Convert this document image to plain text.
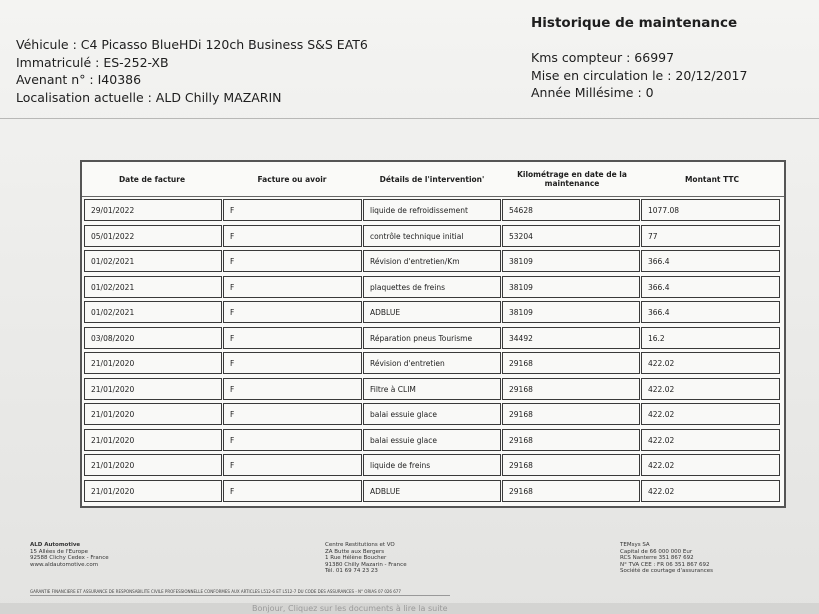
Historique de maintenance
Véhicule : C4 Picasso BlueHDi 120ch Business S&S EAT6
Immatriculé : ES-252-XB
Avenant n° : I40386
Localisation actuelle : ALD Chilly MAZARIN
Kms compteur : 66997
Mise en circulation le : 20/12/2017
Année Millésime : 0
Date de facture	Facture ou avoir	Détails de l'intervention'	Kilométrage en date de la maintenance	Montant TTC
29/01/2022	F	liquide de refroidissement	54628	1077.08
05/01/2022	F	contrôle technique initial	53204	77
01/02/2021	F	Révision d'entretien/Km	38109	366.4
01/02/2021	F	plaquettes de freins	38109	366.4
01/02/2021	F	ADBLUE	38109	366.4
03/08/2020	F	Réparation pneus Tourisme	34492	16.2
21/01/2020	F	Révision d'entretien	29168	422.02
21/01/2020	F	Filtre à CLIM	29168	422.02
21/01/2020	F	balai essuie glace	29168	422.02
21/01/2020	F	balai essuie glace	29168	422.02
21/01/2020	F	liquide de freins	29168	422.02
21/01/2020	F	ADBLUE	29168	422.02
ALD Automotive
15 Allées de l'Europe
92588 Clichy Cedex - France
www.aldautomotive.com
Centre Restitutions et VO
ZA Butte aux Bergers
1 Rue Hélène Boucher
91380 Chilly Mazarin - France
Tél. 01 69 74 23 23
TEMsys SA
Capital de 66 000 000 Eur
RCS Nanterre 351 867 692
N° TVA CEE : FR 06 351 867 692
Société de courtage d'assurances
GARANTIE FINANCIERE ET ASSURANCE DE RESPONSABILITE CIVILE PROFESSIONNELLE CONFORMES AUX ARTICLES L512-6 ET L512-7 DU CODE DES ASSURANCES - N° ORIAS 07 026 677
Bonjour, Cliquez sur les documents à lire la suite
